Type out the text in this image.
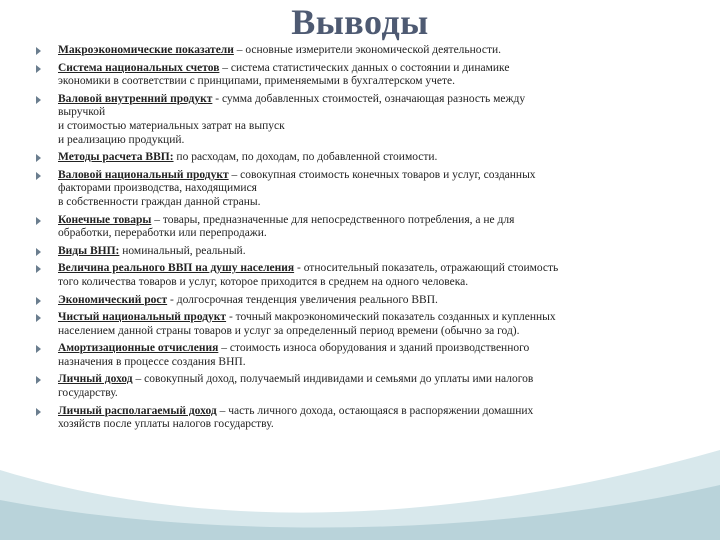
Выводы
Макроэкономические показатели – основные измерители экономической деятельности.
Система национальных счетов – система статистических данных о состоянии и динамике
экономики в соответствии с принципами, применяемыми в бухгалтерском учете.
Валовой внутренний продукт - сумма добавленных стоимостей, означающая разность между
выручкой
и стоимостью материальных затрат на выпуск
и реализацию продукций.
Методы расчета ВВП: по расходам, по доходам, по добавленной стоимости.
Валовой национальный продукт – совокупная стоимость конечных товаров и услуг, созданных
факторами производства, находящимися
в собственности граждан данной страны.
Конечные товары – товары, предназначенные для непосредственного потребления, а не для
обработки, переработки или перепродажи.
Виды ВНП: номинальный, реальный.
Величина реального ВВП на душу населения - относительный показатель, отражающий стоимость
того количества товаров и услуг, которое приходится в среднем на одного человека.
Экономический рост - долгосрочная тенденция увеличения реального ВВП.
Чистый национальный продукт - точный макроэкономический показатель созданных и купленных
населением данной страны товаров и услуг за определенный период времени (обычно за год).
Амортизационные отчисления – стоимость износа оборудования и зданий производственного
назначения в процессе создания ВНП.
Личный доход – совокупный доход, получаемый индивидами и семьями до уплаты ими налогов
государству.
Личный располагаемый доход – часть личного дохода, остающаяся в распоряжении домашних
хозяйств после уплаты налогов государству.
